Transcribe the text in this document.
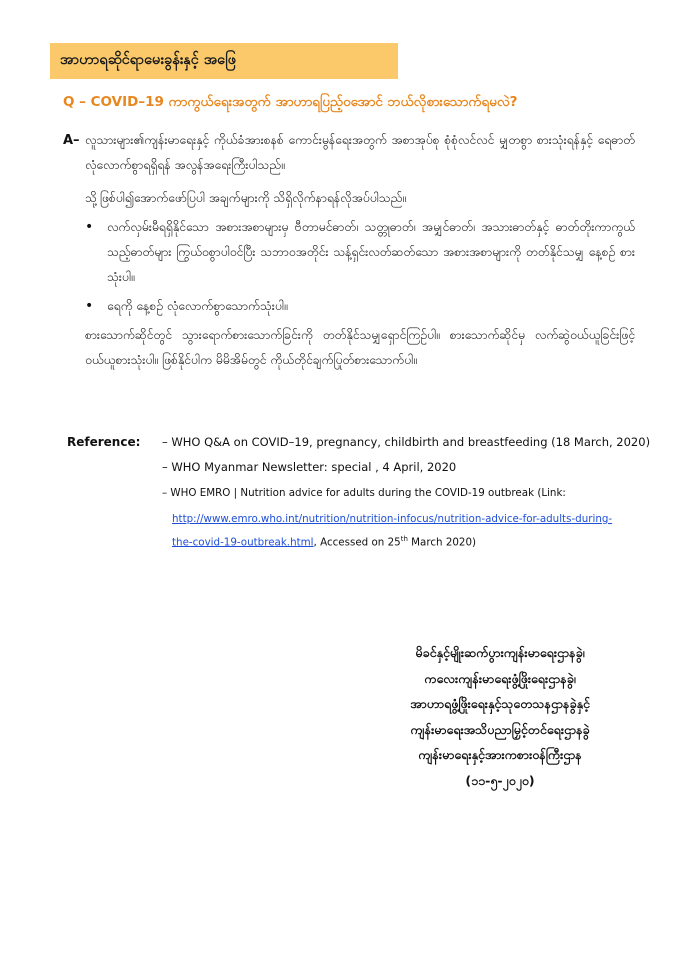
အာဟာရဆိုင်ရာမေးခွန်းနှင့် အဖြေ
Q – COVID–19 ကာကွယ်ရေးအတွက် အာဟာရပြည့်ဝအောင် ဘယ်လိုစားသောက်ရမလဲ?
A– လူသားများ၏ကျန်းမာရေးနှင့် ကိုယ်ခံအားစနစ် ကောင်းမွန်ရေးအတွက် အစာအုပ်စု စုံစုံလင်လင် မျှတစွာ စားသုံးရန်နှင့် ရေဓာတ်လုံလောက်စွာရရှိရန် အလွန်အရေးကြီးပါသည်။
သို့ဖြစ်ပါ၍အောက်ဖော်ပြပါ အချက်များကို သိရှိလိုက်နာရန်လိုအပ်ပါသည်။
•	လက်လှမ်းမီရရှိနိုင်သော အစားအစာများမှ ဗီတာမင်ဓာတ်၊ သတ္တုဓာတ်၊ အမျှင်ဓာတ်၊ အသားဓာတ်နှင့် ဓာတ်တိုးကာကွယ်သည့်ဓာတ်များ ကြွယ်ဝစွာပါဝင်ပြီး သဘာဝအတိုင်း သန့်ရှင်းလတ်ဆတ်သော အစားအစာများကို တတ်နိုင်သမျှ နေ့စဉ် စားသုံးပါ။
•	ရေကို နေ့စဉ် လုံလောက်စွာသောက်သုံးပါ။
စားသောက်ဆိုင်တွင် သွားရောက်စားသောက်ခြင်းကို တတ်နိုင်သမျှရှောင်ကြဉ်ပါ။ စားသောက်ဆိုင်မှ လက်ဆွဲဝယ်ယူခြင်းဖြင့် ဝယ်ယူစားသုံးပါ။ ဖြစ်နိုင်ပါက မိမိအိမ်တွင် ကိုယ်တိုင်ချက်ပြုတ်စားသောက်ပါ။
Reference: – WHO Q&A on COVID–19, pregnancy, childbirth and breastfeeding (18 March, 2020)
– WHO Myanmar Newsletter: special , 4 April, 2020
– WHO EMRO | Nutrition advice for adults during the COVID-19 outbreak (Link:
http://www.emro.who.int/nutrition/nutrition-infocus/nutrition-advice-for-adults-during-
the-covid-19-outbreak.html, Accessed on 25th March 2020)
မိခင်နှင့်မျိုးဆက်ပွားကျန်းမာရေးဌာနခွဲ၊
ကလေးကျန်းမာရေးဖွံ့ဖြိုးရေးဌာနခွဲ၊
အာဟာရဖွံ့ဖြိုးရေးနှင့်သုတေသနဌာနခွဲနှင့်
ကျန်းမာရေးအသိပညာမြှင့်တင်ရေးဌာနခွဲ
ကျန်းမာရေးနှင့်အားကစားဝန်ကြီးဌာန
(၁၁-၅-၂၀၂၀)
